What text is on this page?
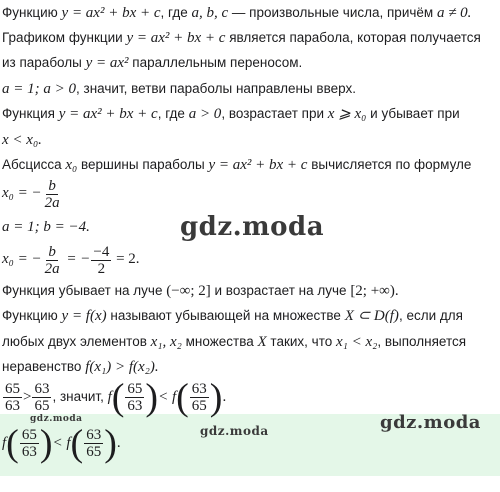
Функцию y = ax² + bx + c, где a, b, c — произвольные числа, причём a ≠ 0.
Графиком функции y = ax² + bx + c является парабола, которая получается
из параболы y = ax² параллельным переносом.
a = 1; a > 0, значит, ветви параболы направлены вверх.
Функция y = ax² + bx + c, где a > 0, возрастает при x ⩾ x₀ и убывает при
x < x₀.
Абсцисса x₀ вершины параболы y = ax² + bx + c вычисляется по формуле
x₀ = − $\frac{b}{2a}$
a = 1; b = −4.
x₀ = − $\frac{b}{2a}$ = − $\frac{-4}{2} = 2$.
Функция убывает на луче (−∞; 2] и возрастает на луче [2; +∞).
Функцию y = f(x) называют убывающей на множестве X ⊂ D(f), если для
любых двух элементов x₁, x₂ множества X таких, что x₁ < x₂, выполняется
неравенство f(x₁) > f(x₂).
$\frac{65}{63} > \frac{63}{65}$ , значит, $f( \frac{65}{63}$ )< $f( \frac{63}{65}$ ).
$f( \frac{65}{63}$ )< $f( \frac{63}{65}$ ).
gdz.moda
gdz.moda
gdz.moda
gdz.moda
